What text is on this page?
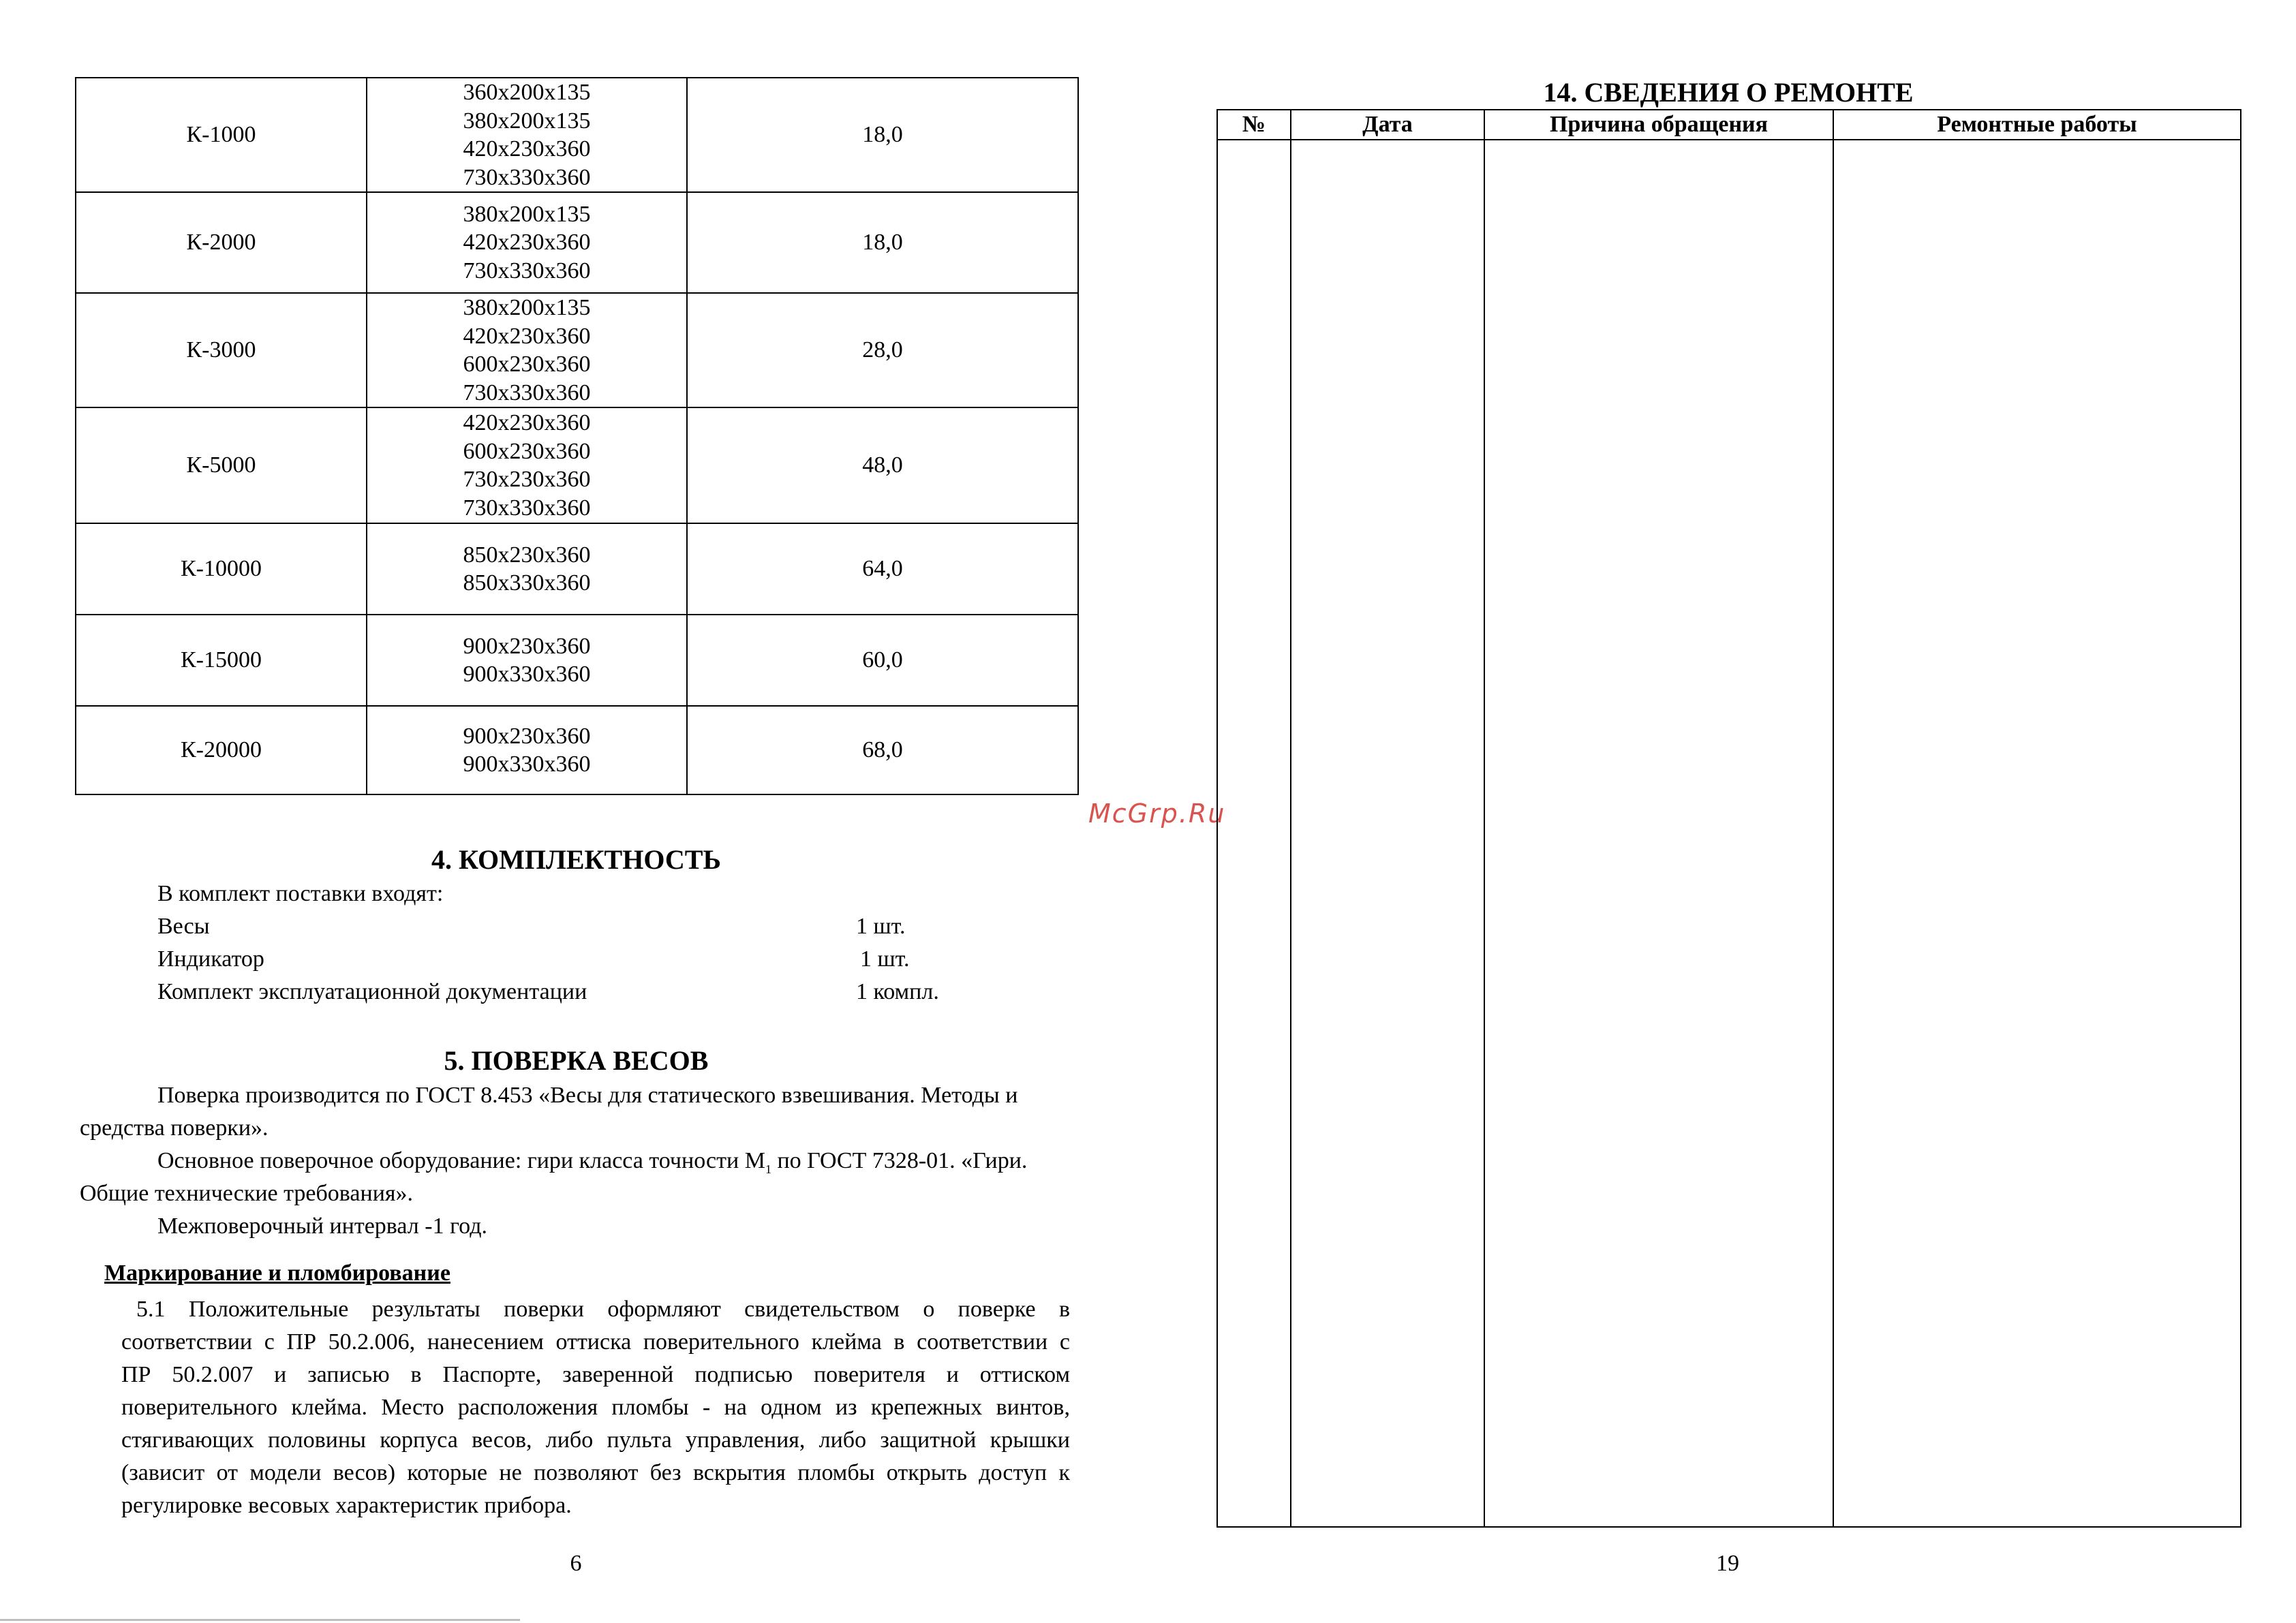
К-1000	360х200х135
380х200х135
420х230х360
730х330х360	18,0
К-2000	380х200х135
420х230х360
730х330х360	18,0
К-3000	380х200х135
420х230х360
600х230х360
730х330х360	28,0
К-5000	420х230х360
600х230х360
730х230х360
730х330х360	48,0
К-10000	850х230х360
850х330х360	64,0
К-15000	900х230х360
900х330х360	60,0
К-20000	900х230х360
900х330х360	68,0
4. КОМПЛЕКТНОСТЬ
В комплект поставки входят:
Весы	1 шт.
Индикатор	1 шт.
Комплект эксплуатационной документации	1 компл.
5. ПОВЕРКА ВЕСОВ
Поверка производится по ГОСТ 8.453 «Весы для статического взвешивания. Методы и
средства поверки».
Основное поверочное оборудование: гири класса точности $М_1$ по ГОСТ 7328-01. «Гири.
Общие технические требования».
Межповерочный интервал -1 год.
Маркирование и пломбирование
5.1 Положительные результаты поверки оформляют свидетельством о поверке в
соответствии с ПР 50.2.006, нанесением оттиска поверительного клейма в соответствии с
ПР 50.2.007 и записью в Паспорте, заверенной подписью поверителя и оттиском
поверительного клейма. Место расположения пломбы - на одном из крепежных винтов,
стягивающих половины корпуса весов, либо пульта управления, либо защитной крышки
(зависит от модели весов) которые не позволяют без вскрытия пломбы открыть доступ к
регулировке весовых характеристик прибора.
6
McGrp.Ru
14. СВЕДЕНИЯ О РЕМОНТЕ
№	Дата	Причина обращения	Ремонтные работы

19
